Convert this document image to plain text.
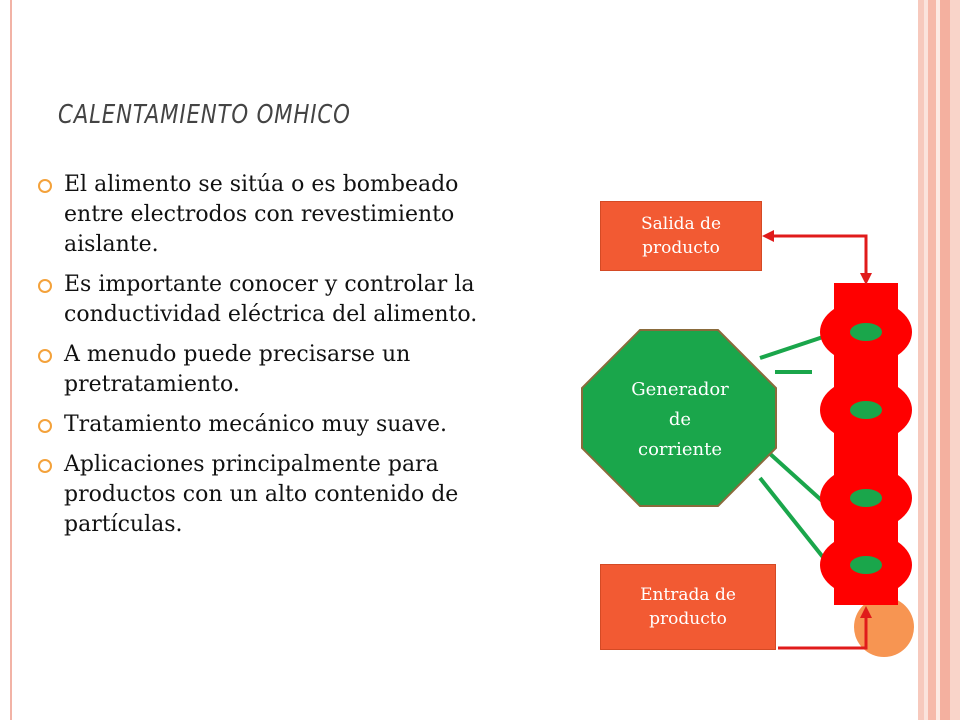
CALENTAMIENTO OMHICO
El alimento se sitúa o es bombeado entre electrodos con revestimiento aislante.
Es importante conocer y controlar la conductividad eléctrica del alimento.
A menudo puede precisarse un pretratamiento.
Tratamiento mecánico muy suave.
Aplicaciones principalmente para productos con un alto contenido de partículas.
Salida de
producto
Entrada de
producto
Generador
de
corriente
